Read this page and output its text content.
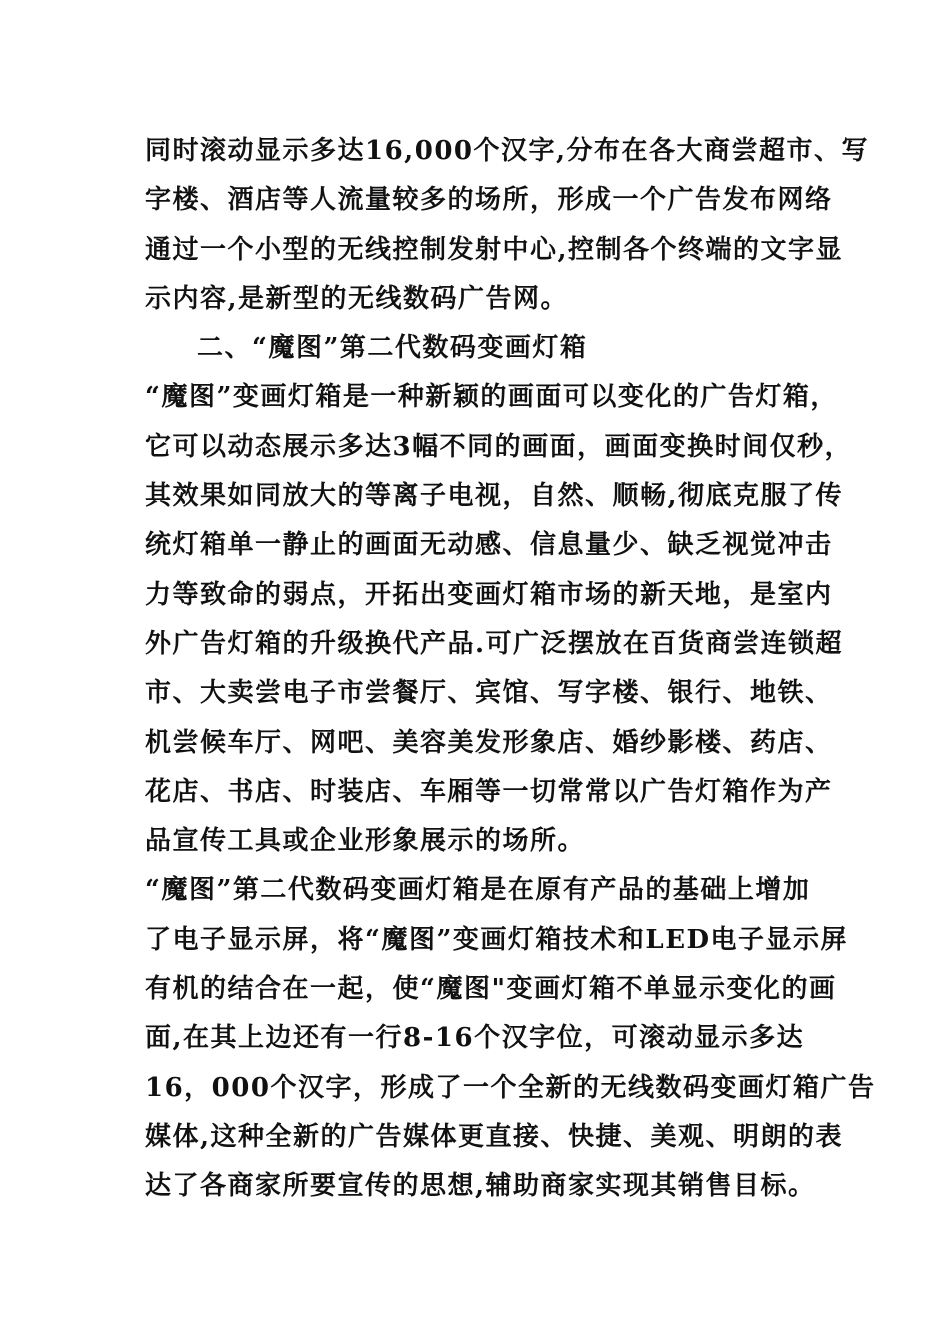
同时滚动显示多达16,000个汉字,分布在各大商尝超市、写
字楼、酒店等人流量较多的场所，形成一个广告发布网络
通过一个小型的无线控制发射中心,控制各个终端的文字显
示内容,是新型的无线数码广告网。
二、“魔图”第二代数码变画灯箱
“魔图”变画灯箱是一种新颖的画面可以变化的广告灯箱，
它可以动态展示多达3幅不同的画面，画面变换时间仅秒，
其效果如同放大的等离子电视，自然、顺畅,彻底克服了传
统灯箱单一静止的画面无动感、信息量少、缺乏视觉冲击
力等致命的弱点，开拓出变画灯箱市场的新天地，是室内
外广告灯箱的升级换代产品.可广泛摆放在百货商尝连锁超
市、大卖尝电子市尝餐厅、宾馆、写字楼、银行、地铁、
机尝候车厅、网吧、美容美发形象店、婚纱影楼、药店、
花店、书店、时装店、车厢等一切常常以广告灯箱作为产
品宣传工具或企业形象展示的场所。
“魔图”第二代数码变画灯箱是在原有产品的基础上增加
了电子显示屏，将“魔图”变画灯箱技术和LED电子显示屏
有机的结合在一起，使“魔图"变画灯箱不单显示变化的画
面,在其上边还有一行8-16个汉字位，可滚动显示多达
16，000个汉字，形成了一个全新的无线数码变画灯箱广告
媒体,这种全新的广告媒体更直接、快捷、美观、明朗的表
达了各商家所要宣传的思想,辅助商家实现其销售目标。
